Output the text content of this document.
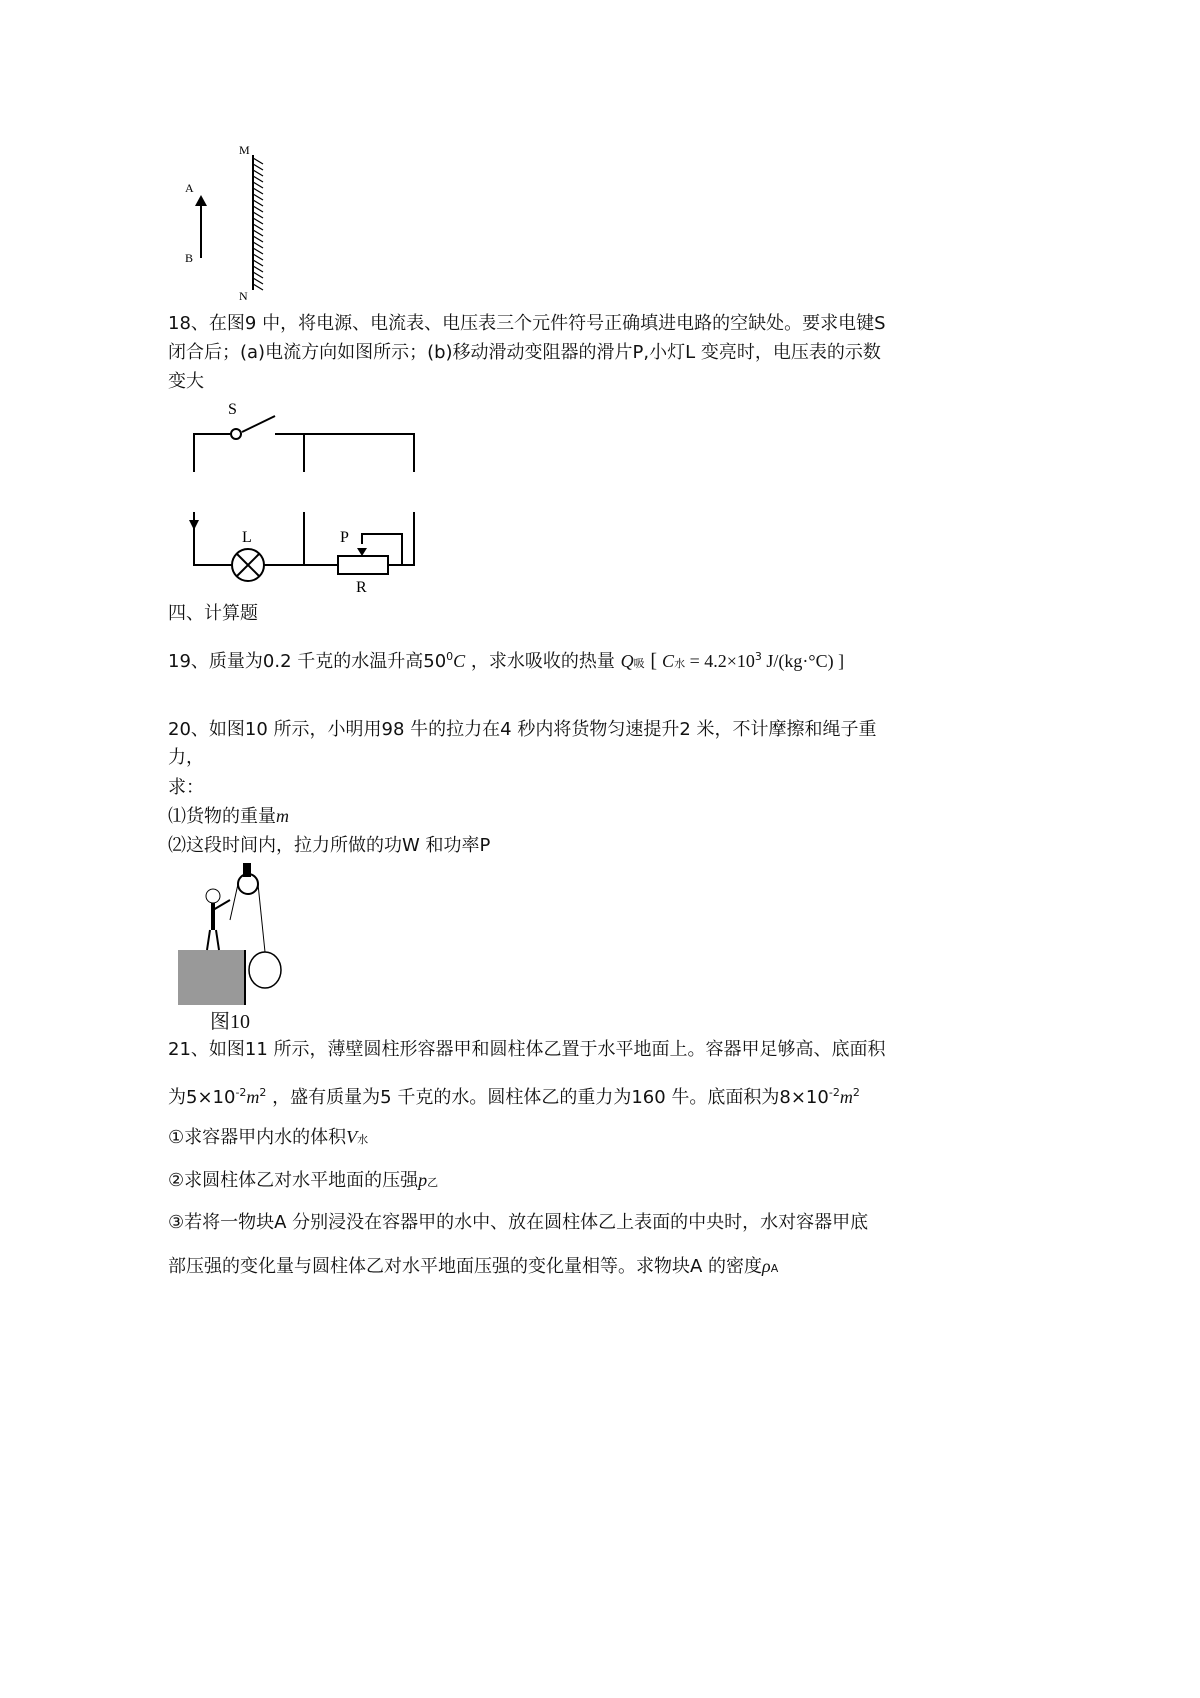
A
B
M
N
18、在图9 中，将电源、电流表、电压表三个元件符号正确填进电路的空缺处。要求电键S
闭合后；(a)电流方向如图所示；(b)移动滑动变阻器的滑片P,小灯L 变亮时，电压表的示数
变大
S
L	P
R
四、计算题
19、质量为0.2 千克的水温升高$50^0C$ ，求水吸收的热量 Q吸 [ C水 = $4.2\times 10^3$ J/(kg·°C) ]
20、如图10 所示，小明用98 牛的拉力在4 秒内将货物匀速提升2 米，不计摩擦和绳子重
力，
求：
⑴货物的重量m
⑵这段时间内，拉力所做的功W 和功率P
图10
21、如图11 所示，薄壁圆柱形容器甲和圆柱体乙置于水平地面上。容器甲足够高、底面积
为$5\times 10^{-2}m^2$ ，盛有质量为5 千克的水。圆柱体乙的重力为160 牛。底面积为$8\times 10^{-2}m^2$
①求容器甲内水的体积V水
②求圆柱体乙对水平地面的压强p乙
③若将一物块A 分别浸没在容器甲的水中、放在圆柱体乙上表面的中央时，水对容器甲底
部压强的变化量与圆柱体乙对水平地面压强的变化量相等。求物块A 的密度ρA
